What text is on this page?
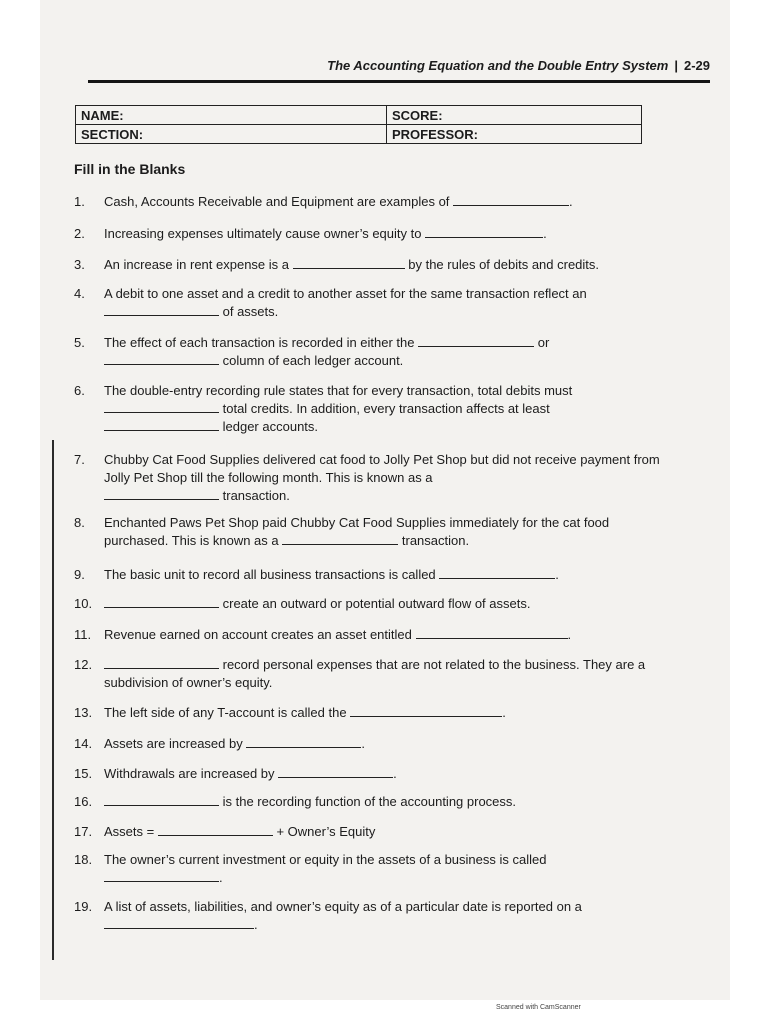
The Accounting Equation and the Double Entry System | 2-29
NAME:	SCORE:
SECTION:	PROFESSOR:
Fill in the Blanks
1. Cash, Accounts Receivable and Equipment are examples of	.
2. Increasing expenses ultimately cause owner’s equity to	.
3. An increase in rent expense is a	by the rules of debits and credits.
4. A debit to one asset and a credit to another asset for the same transaction reflect an
of assets.
5. The effect of each transaction is recorded in either the	or
column of each ledger account.
6. The double-entry recording rule states that for every transaction, total debits must
total credits. In addition, every transaction affects at least
ledger accounts.
7. Chubby Cat Food Supplies delivered cat food to Jolly Pet Shop but did not receive payment from Jolly Pet Shop till the following month. This is known as a
transaction.
8. Enchanted Paws Pet Shop paid Chubby Cat Food Supplies immediately for the cat food purchased. This is known as a	transaction.
9. The basic unit to record all business transactions is called	.
10.	create an outward or potential outward flow of assets.
11. Revenue earned on account creates an asset entitled	.
12.	record personal expenses that are not related to the business. They are a subdivision of owner’s equity.
13. The left side of any T-account is called the	.
14. Assets are increased by	.
15. Withdrawals are increased by	.
16.	is the recording function of the accounting process.
17. Assets =	+ Owner’s Equity
18. The owner’s current investment or equity in the assets of a business is called
.
19. A list of assets, liabilities, and owner’s equity as of a particular date is reported on a
.
Scanned with CamScanner
